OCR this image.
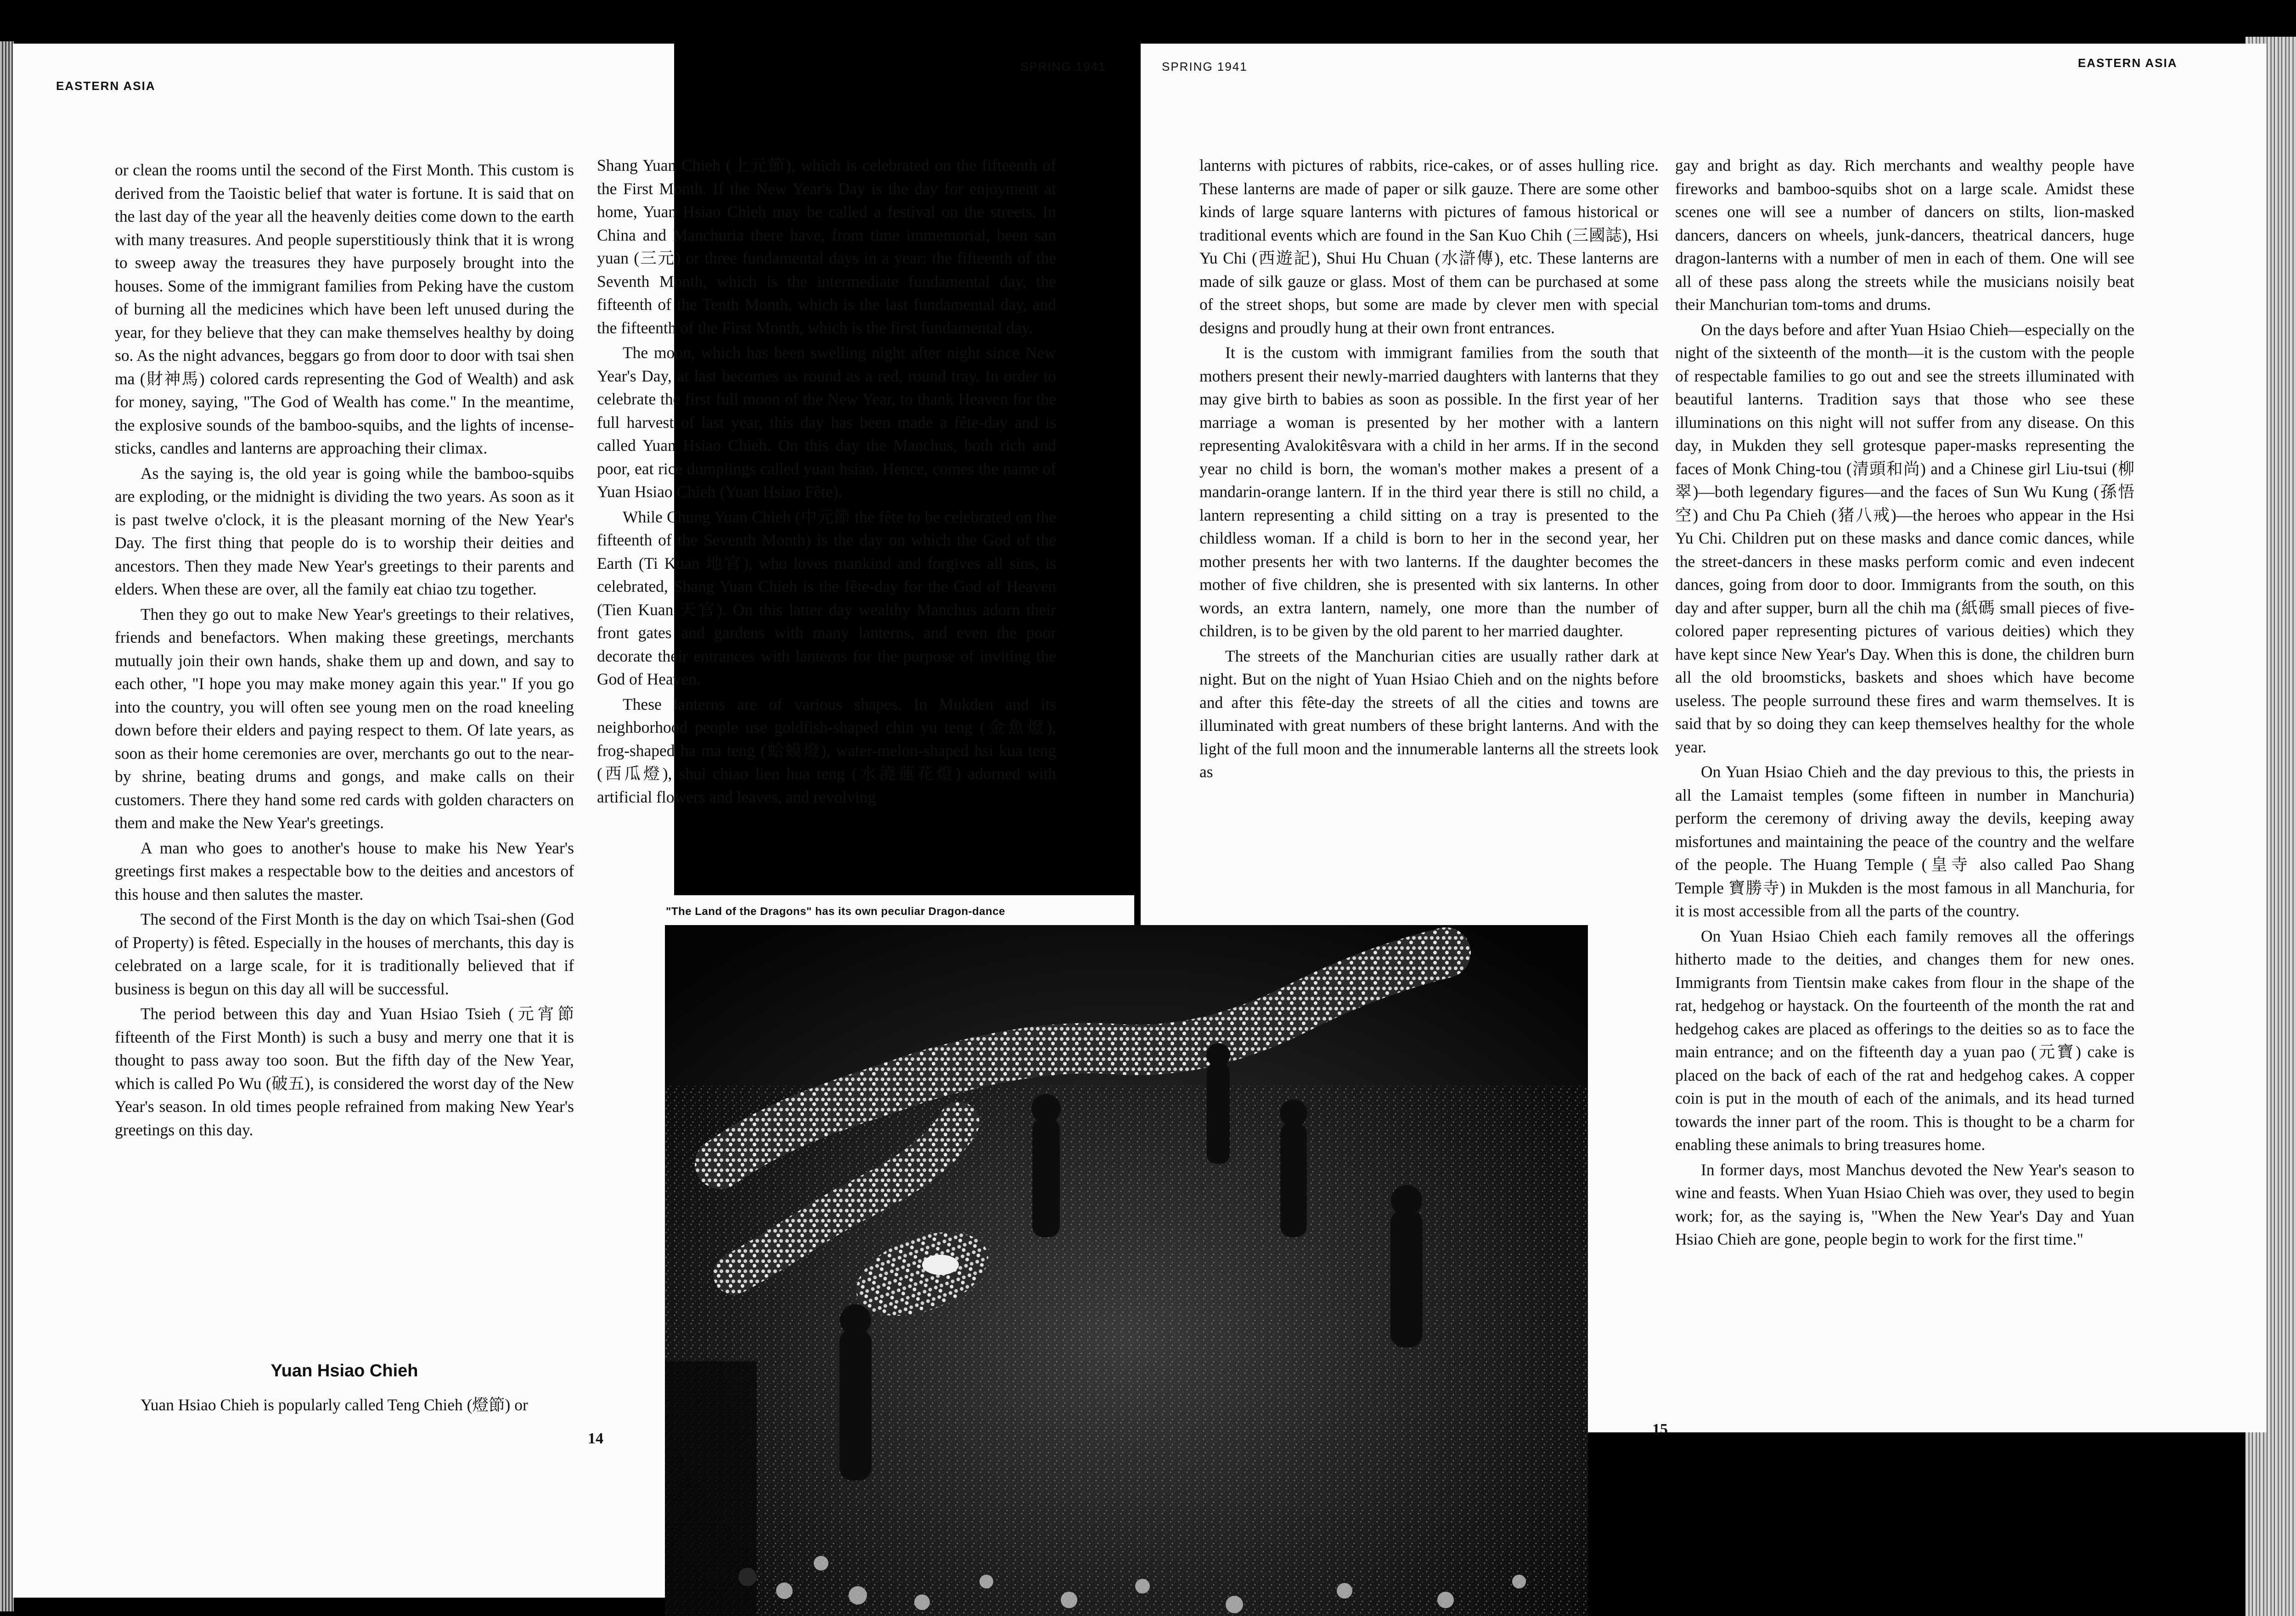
EASTERN ASIA
SPRING 1941

or clean the rooms until the second of the First Month. This custom is derived from the Taoistic belief that water is fortune. It is said that on the last day of the year all the heavenly deities come down to the earth with many treasures. And people superstitiously think that it is wrong to sweep away the treasures they have purposely brought into the houses. Some of the immigrant families from Peking have the custom of burning all the medicines which have been left unused during the year, for they believe that they can make themselves healthy by doing so. As the night advances, beggars go from door to door with tsai shen ma (財神馬) colored cards representing the God of Wealth) and ask for money, saying, "The God of Wealth has come." In the meantime, the explosive sounds of the bamboo-squibs, and the lights of incense-sticks, candles and lanterns are approaching their climax.

As the saying is, the old year is going while the bamboo-squibs are exploding, or the midnight is dividing the two years. As soon as it is past twelve o'clock, it is the pleasant morning of the New Year's Day. The first thing that people do is to worship their deities and ancestors. Then they made New Year's greetings to their parents and elders. When these are over, all the family eat chiao tzu together.

Then they go out to make New Year's greetings to their relatives, friends and benefactors. When making these greetings, merchants mutually join their own hands, shake them up and down, and say to each other, "I hope you may make money again this year." If you go into the country, you will often see young men on the road kneeling down before their elders and paying respect to them. Of late years, as soon as their home ceremonies are over, merchants go out to the near-by shrine, beating drums and gongs, and make calls on their customers. There they hand some red cards with golden characters on them and make the New Year's greetings.

A man who goes to another's house to make his New Year's greetings first makes a respectable bow to the deities and ancestors of this house and then salutes the master.

The second of the First Month is the day on which Tsai-shen (God of Property) is fêted. Especially in the houses of merchants, this day is celebrated on a large scale, for it is traditionally believed that if business is begun on this day all will be successful.

The period between this day and Yuan Hsiao Tsieh (元宵節 fifteenth of the First Month) is such a busy and merry one that it is thought to pass away too soon. But the fifth day of the New Year, which is called Po Wu (破五), is considered the worst day of the New Year's season. In old times people refrained from making New Year's greetings on this day.

Yuan Hsiao Chieh

Yuan Hsiao Chieh is popularly called Teng Chieh (燈節) or

14

Shang Yuan Chieh (上元節), which is celebrated on the fifteenth of the First Month. If the New Year's Day is the day for enjoyment at home, Yuan Hsiao Chieh may be called a festival on the streets. In China and Manchuria there have, from time immemorial, been san yuan (三元) or three fundamental days in a year: the fifteenth of the Seventh Month, which is the intermediate fundamental day, the fifteenth of the Tenth Month, which is the last fundamental day, and the fifteenth of the First Month, which is the first fundamental day.

The moon, which has been swelling night after night since New Year's Day, at last becomes as round as a red, round tray. In order to celebrate the first full moon of the New Year, to thank Heaven for the full harvest of last year, this day has been made a fête-day and is called Yuan Hsiao Chieh. On this day the Manchus, both rich and poor, eat rice dumplings called yuan hsiao. Hence, comes the name of Yuan Hsiao Chieh (Yuan Hsiao Fête).

While Chung Yuan Chieh (中元節 the fête to be celebrated on the fifteenth of the Seventh Month) is the day on which the God of the Earth (Ti Kuan 地官), who loves mankind and forgives all sins, is celebrated, Shang Yuan Chieh is the fête-day for the God of Heaven (Tien Kuan 天官). On this latter day wealthy Manchus adorn their front gates and gardens with many lanterns, and even the poor decorate their entrances with lanterns for the purpose of inviting the God of Heaven.

These lanterns are of various shapes. In Mukden and its neighborhood people use goldfish-shaped chin yu teng (金魚燈), frog-shaped ha ma teng (蛤蟆燈), water-melon-shaped hsi kua teng (西瓜燈), shui chiao lien hua teng (水澆蓮花燈) adorned with artificial flowers and leaves, and revolving

SPRING 1941	EASTERN ASIA

lanterns with pictures of rabbits, rice-cakes, or of asses hulling rice. These lanterns are made of paper or silk gauze. There are some other kinds of large square lanterns with pictures of famous historical or traditional events which are found in the San Kuo Chih (三國誌), Hsi Yu Chi (西遊記), Shui Hu Chuan (水滸傳), etc. These lanterns are made of silk gauze or glass. Most of them can be purchased at some of the street shops, but some are made by clever men with special designs and proudly hung at their own front entrances.

It is the custom with immigrant families from the south that mothers present their newly-married daughters with lanterns that they may give birth to babies as soon as possible. In the first year of her marriage a woman is presented by her mother with a lantern representing Avalokitêsvara with a child in her arms. If in the second year no child is born, the woman's mother makes a present of a mandarin-orange lantern. If in the third year there is still no child, a lantern representing a child sitting on a tray is presented to the childless woman. If a child is born to her in the second year, her mother presents her with two lanterns. If the daughter becomes the mother of five children, she is presented with six lanterns. In other words, an extra lantern, namely, one more than the number of children, is to be given by the old parent to her married daughter.

The streets of the Manchurian cities are usually rather dark at night. But on the night of Yuan Hsiao Chieh and on the nights before and after this fête-day the streets of all the cities and towns are illuminated with great numbers of these bright lanterns. And with the light of the full moon and the innumerable lanterns all the streets look as

gay and bright as day. Rich merchants and wealthy people have fireworks and bamboo-squibs shot on a large scale. Amidst these scenes one will see a number of dancers on stilts, lion-masked dancers, dancers on wheels, junk-dancers, theatrical dancers, huge dragon-lanterns with a number of men in each of them. One will see all of these pass along the streets while the musicians noisily beat their Manchurian tom-toms and drums.

On the days before and after Yuan Hsiao Chieh—especially on the night of the sixteenth of the month—it is the custom with the people of respectable families to go out and see the streets illuminated with beautiful lanterns. Tradition says that those who see these illuminations on this night will not suffer from any disease. On this day, in Mukden they sell grotesque paper-masks representing the faces of Monk Ching-tou (清頭和尚) and a Chinese girl Liu-tsui (柳翠)—both legendary figures—and the faces of Sun Wu Kung (孫悟空) and Chu Pa Chieh (猪八戒)—the heroes who appear in the Hsi Yu Chi. Children put on these masks and dance comic dances, while the street-dancers in these masks perform comic and even indecent dances, going from door to door. Immigrants from the south, on this day and after supper, burn all the chih ma (紙碼 small pieces of five-colored paper representing pictures of various deities) which they have kept since New Year's Day. When this is done, the children burn all the old broomsticks, baskets and shoes which have become useless. The people surround these fires and warm themselves. It is said that by so doing they can keep themselves healthy for the whole year.

On Yuan Hsiao Chieh and the day previous to this, the priests in all the Lamaist temples (some fifteen in number in Manchuria) perform the ceremony of driving away the devils, keeping away misfortunes and maintaining the peace of the country and the welfare of the people. The Huang Temple (皇寺 also called Pao Shang Temple 寶勝寺) in Mukden is the most famous in all Manchuria, for it is most accessible from all the parts of the country.

On Yuan Hsiao Chieh each family removes all the offerings hitherto made to the deities, and changes them for new ones. Immigrants from Tientsin make cakes from flour in the shape of the rat, hedgehog or haystack. On the fourteenth of the month the rat and hedgehog cakes are placed as offerings to the deities so as to face the main entrance; and on the fifteenth day a yuan pao (元寶) cake is placed on the back of each of the rat and hedgehog cakes. A copper coin is put in the mouth of each of the animals, and its head turned towards the inner part of the room. This is thought to be a charm for enabling these animals to bring treasures home.

In former days, most Manchus devoted the New Year's season to wine and feasts. When Yuan Hsiao Chieh was over, they used to begin work; for, as the saying is, "When the New Year's Day and Yuan Hsiao Chieh are gone, people begin to work for the first time."

15
"The Land of the Dragons" has its own peculiar Dragon-dance
